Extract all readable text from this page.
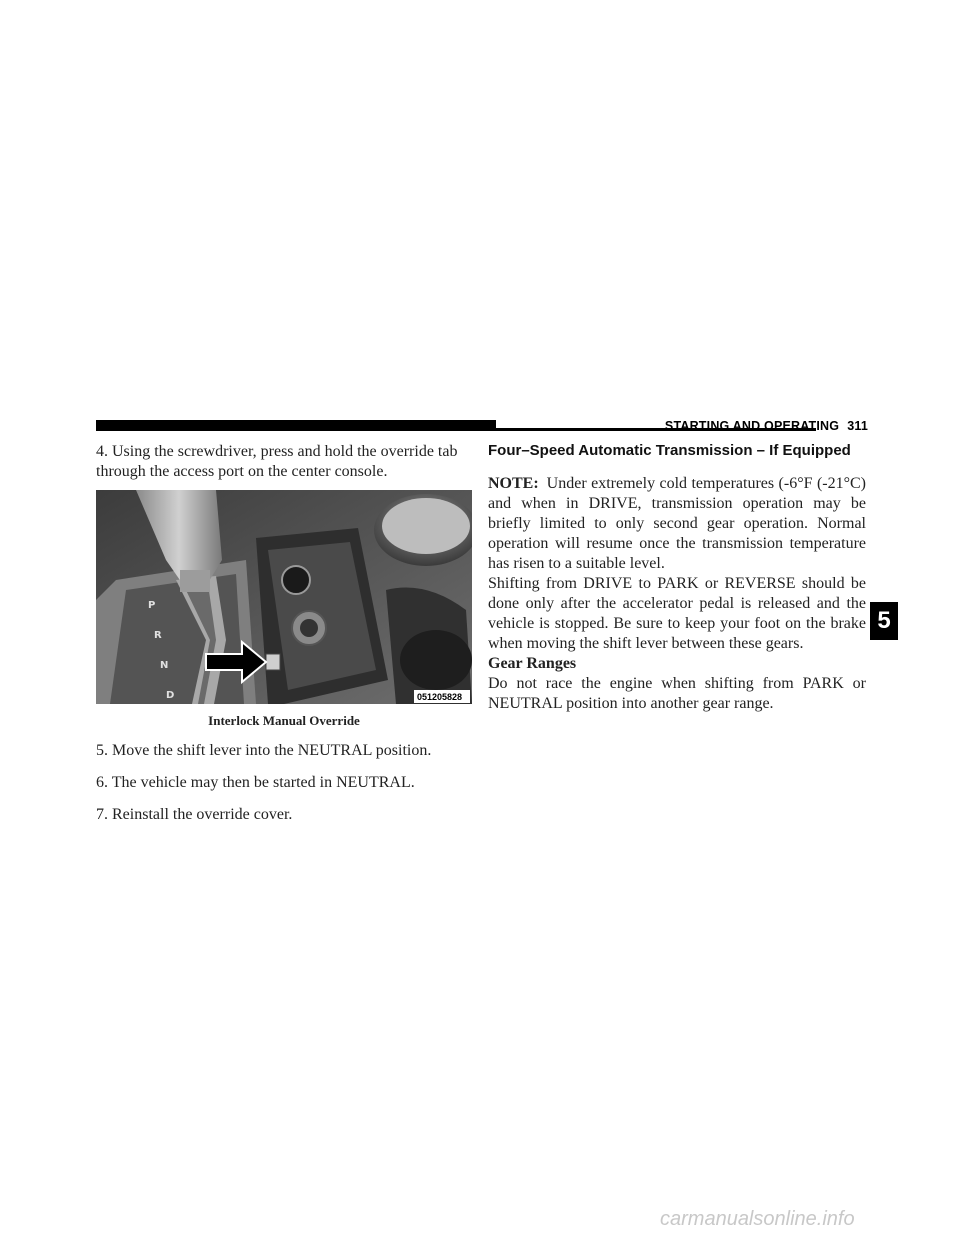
STARTING AND OPERATING 311

4. Using the screwdriver, press and hold the override tab through the access port on the center console.

P
R
N
D	051205828
Interlock Manual Override

5. Move the shift lever into the NEUTRAL position.

6. The vehicle may then be started in NEUTRAL.

7. Reinstall the override cover.

Four–Speed Automatic Transmission – If Equipped

NOTE: Under extremely cold temperatures (-6°F (-21°C) and when in DRIVE, transmission operation may be briefly limited to only second gear operation. Normal operation will resume once the transmission temperature has risen to a suitable level.

Shifting from DRIVE to PARK or REVERSE should be done only after the accelerator pedal is released and the vehicle is stopped. Be sure to keep your foot on the brake when moving the shift lever between these gears.

Gear Ranges

Do not race the engine when shifting from PARK or NEUTRAL position into another gear range.

5
carmanualsonline.info
